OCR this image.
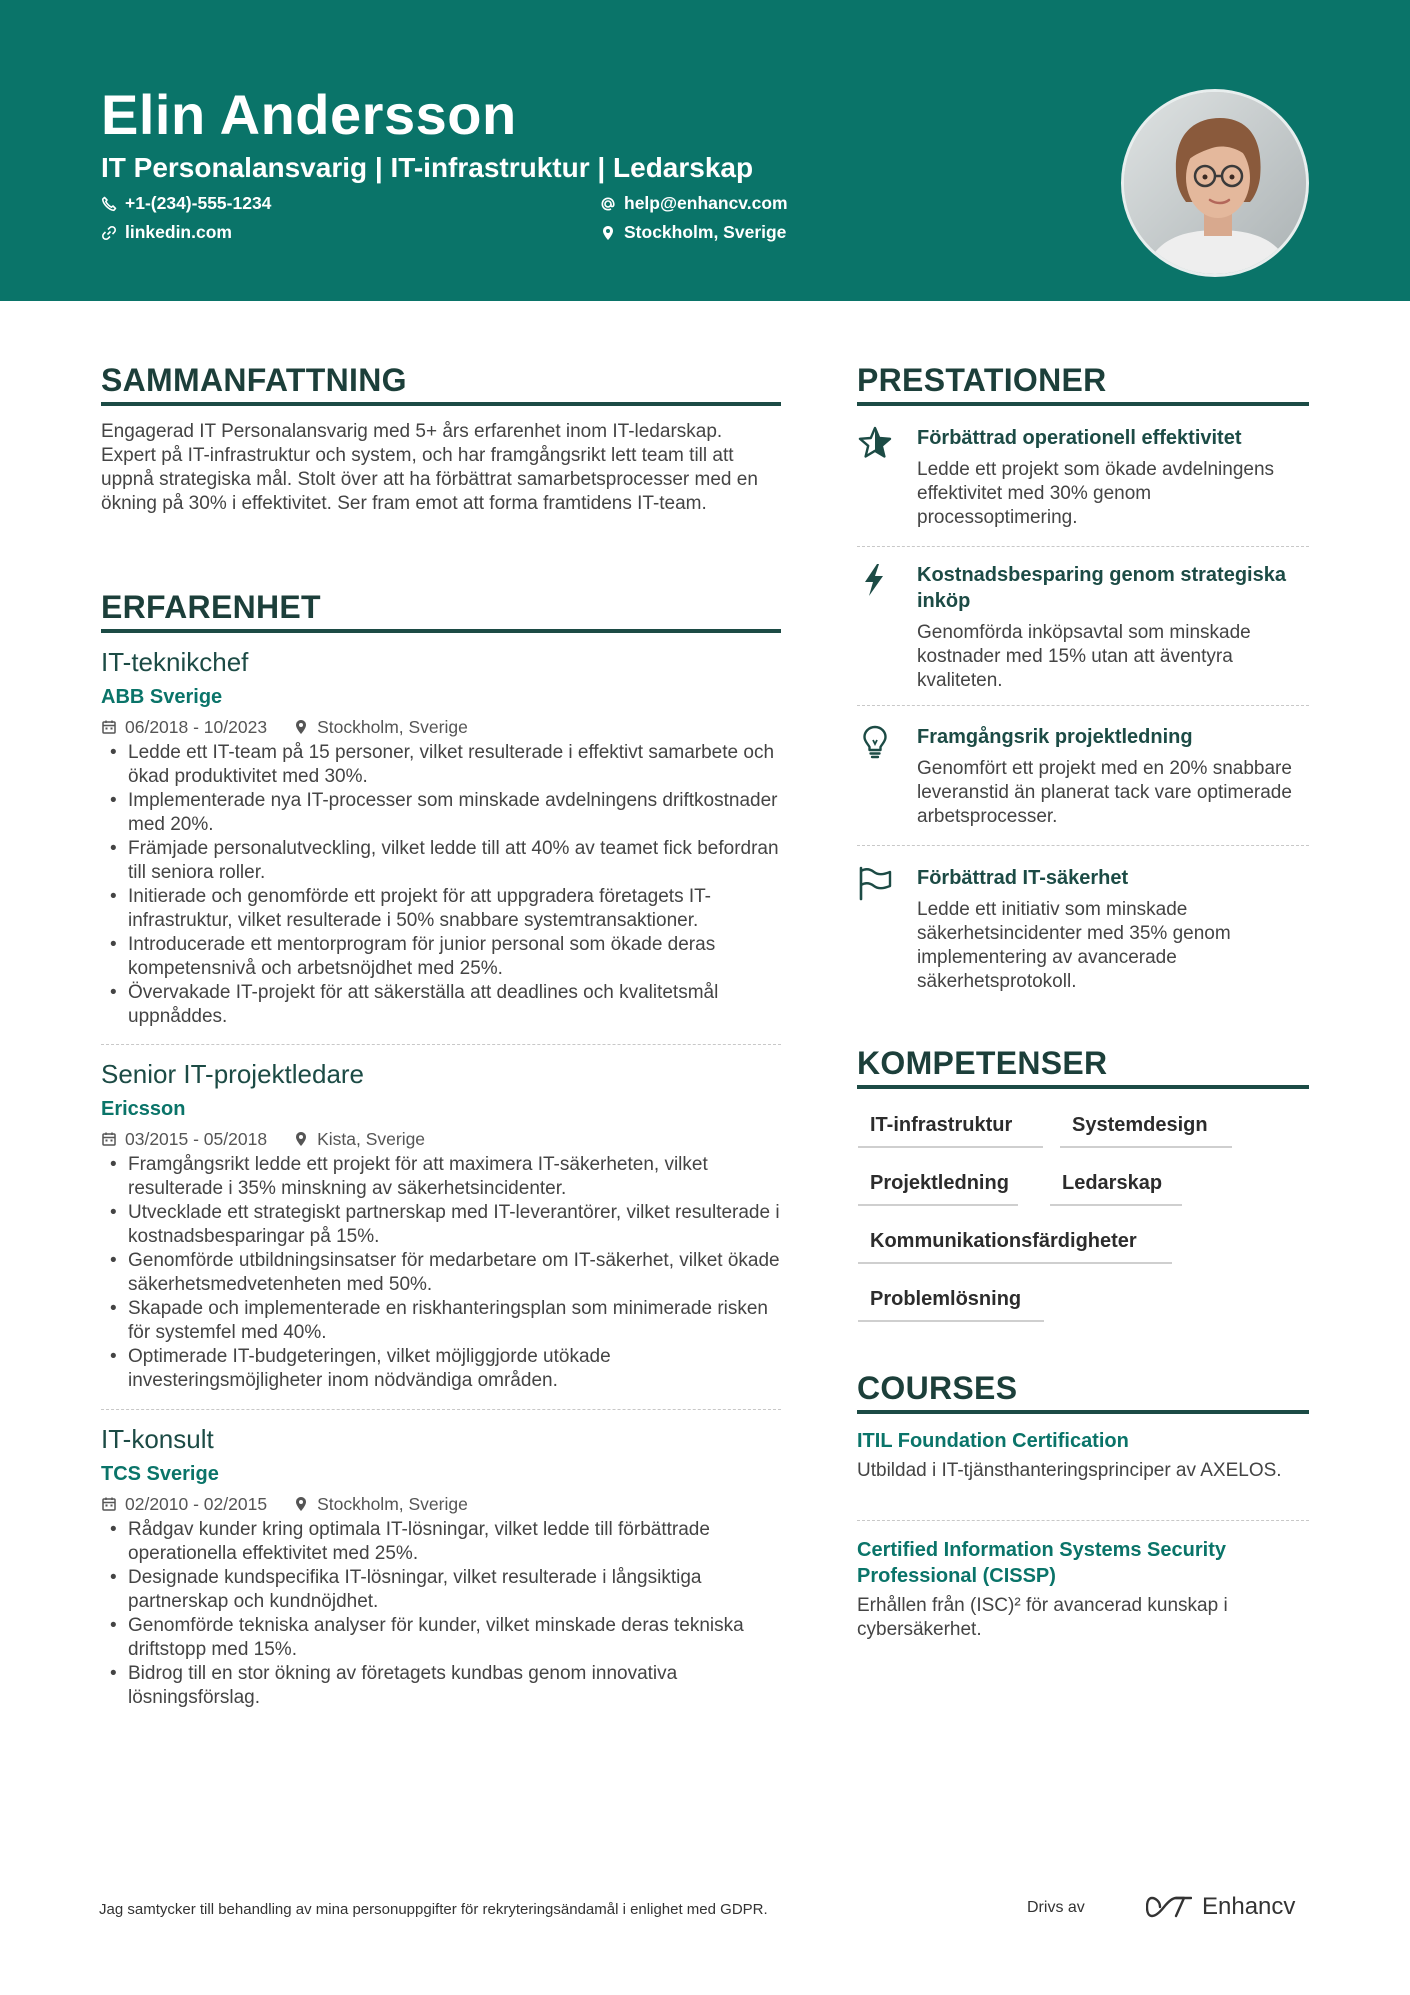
Elin Andersson
IT Personalansvarig | IT-infrastruktur | Ledarskap
+1-(234)-555-1234	help@enhancv.com
linkedin.com	Stockholm, Sverige
SAMMANFATTNING
Engagerad IT Personalansvarig med 5+ års erfarenhet inom IT-ledarskap. Expert på IT-infrastruktur och system, och har framgångsrikt lett team till att uppnå strategiska mål. Stolt över att ha förbättrat samarbetsprocesser med en ökning på 30% i effektivitet. Ser fram emot att forma framtidens IT-team.
ERFARENHET
IT-teknikchef
ABB Sverige
06/2018 - 10/2023	Stockholm, Sverige
• Ledde ett IT-team på 15 personer, vilket resulterade i effektivt samarbete och ökad produktivitet med 30%.
• Implementerade nya IT-processer som minskade avdelningens driftkostnader med 20%.
• Främjade personalutveckling, vilket ledde till att 40% av teamet fick befordran till seniora roller.
• Initierade och genomförde ett projekt för att uppgradera företagets IT-infrastruktur, vilket resulterade i 50% snabbare systemtransaktioner.
• Introducerade ett mentorprogram för junior personal som ökade deras kompetensnivå och arbetsnöjdhet med 25%.
• Övervakade IT-projekt för att säkerställa att deadlines och kvalitetsmål uppnåddes.
Senior IT-projektledare
Ericsson
03/2015 - 05/2018	Kista, Sverige
• Framgångsrikt ledde ett projekt för att maximera IT-säkerheten, vilket resulterade i 35% minskning av säkerhetsincidenter.
• Utvecklade ett strategiskt partnerskap med IT-leverantörer, vilket resulterade i kostnadsbesparingar på 15%.
• Genomförde utbildningsinsatser för medarbetare om IT-säkerhet, vilket ökade säkerhetsmedvetenheten med 50%.
• Skapade och implementerade en riskhanteringsplan som minimerade risken för systemfel med 40%.
• Optimerade IT-budgeteringen, vilket möjliggjorde utökade investeringsmöjligheter inom nödvändiga områden.
IT-konsult
TCS Sverige
02/2010 - 02/2015	Stockholm, Sverige
• Rådgav kunder kring optimala IT-lösningar, vilket ledde till förbättrade operationella effektivitet med 25%.
• Designade kundspecifika IT-lösningar, vilket resulterade i långsiktiga partnerskap och kundnöjdhet.
• Genomförde tekniska analyser för kunder, vilket minskade deras tekniska driftstopp med 15%.
• Bidrog till en stor ökning av företagets kundbas genom innovativa lösningsförslag.
PRESTATIONER
Förbättrad operationell effektivitet
Ledde ett projekt som ökade avdelningens effektivitet med 30% genom processoptimering.
Kostnadsbesparing genom strategiska inköp
Genomförda inköpsavtal som minskade kostnader med 15% utan att äventyra kvaliteten.
Framgångsrik projektledning
Genomfört ett projekt med en 20% snabbare leveranstid än planerat tack vare optimerade arbetsprocesser.
Förbättrad IT-säkerhet
Ledde ett initiativ som minskade säkerhetsincidenter med 35% genom implementering av avancerade säkerhetsprotokoll.
KOMPETENSER
IT-infrastruktur	Systemdesign
Projektledning	Ledarskap
Kommunikationsfärdigheter
Problemlösning
COURSES
ITIL Foundation Certification
Utbildad i IT-tjänsthanteringsprinciper av AXELOS.
Certified Information Systems Security Professional (CISSP)
Erhållen från (ISC)² för avancerad kunskap i cybersäkerhet.
Jag samtycker till behandling av mina personuppgifter för rekryteringsändamål i enlighet med GDPR.	Drivs av	Enhancv
